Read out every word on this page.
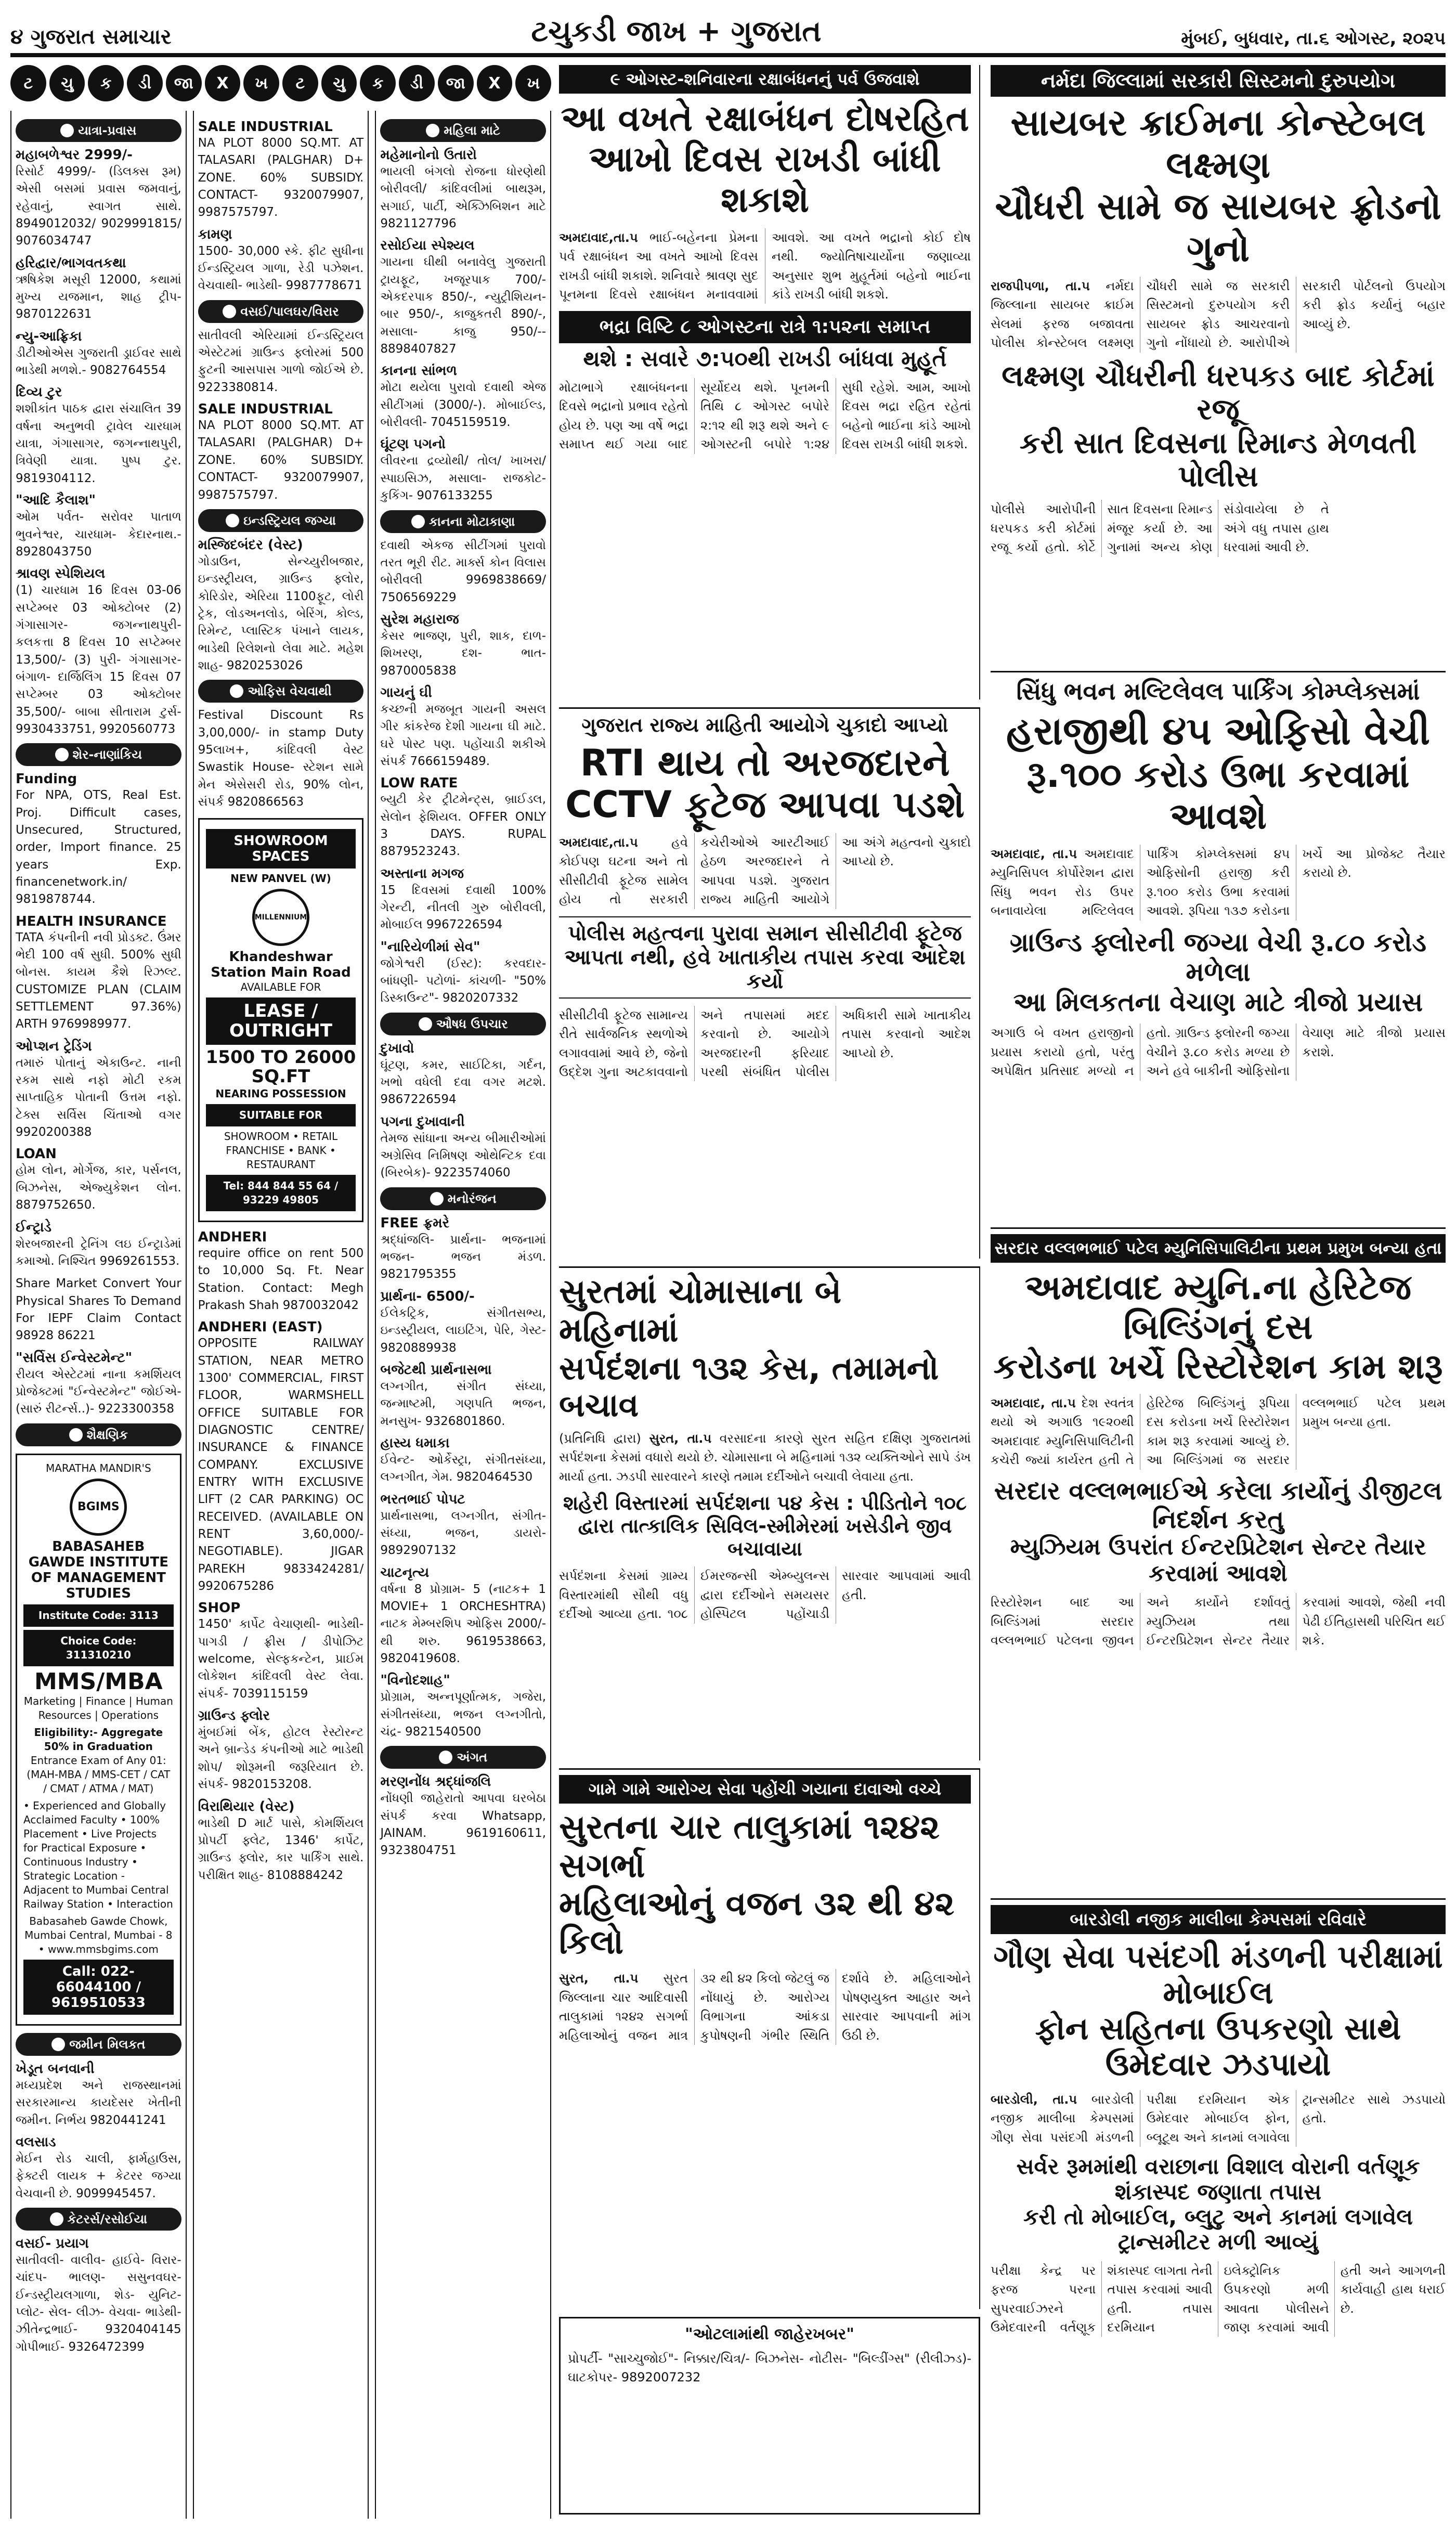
૪ ગુજરાત સમાચાર	ટચુકડી જાખ + ગુજરાત	મુંબઈ, બુધવાર, તા.૬ ઓગસ્ટ, ૨૦૨૫
ટ	ચુ	ક	ડી	જા	X	ખ	ટ	ચુ	ક	ડી	જા	X	ખ
યાત્રા-પ્રવાસ
મહાબળેશ્વર 2999/-
રિસોર્ટ 4999/- (ડિલક્સ રૂમ) એસી બસમાં પ્રવાસ જમવાનું, રહેવાનું, સ્વાગત સાથે. 8949012032/ 9029991815/ 9076034747
હરિદ્વાર/ભાગવતકથા
ઋષિકેશ મસૂરી 12000, કથામાં મુખ્ય યજમાન, શાહ ટ્રીપ- 9870122631
ન્યુ-આફ્રિકા
ડીટીઓએસ ગુજરાતી ડ્રાઈવર સાથે ભાડેથી મળશે.- 9082764554
દિવ્ય ટુર
શશીકાંત પાઠક દ્વારા સંચાલિત 39 વર્ષના અનુભવી ટ્રાવેલ ચારધામ યાત્રા, ગંગાસાગર, જગન્નાથપુરી, ત્રિવેણી યાત્રા. પુષ્પ ટુર. 9819304112.
"આદિ કૈલાશ"
ઓમ પર્વત- સરોવર પાતાળ ભુવનેશ્વર, ચારધામ- કેદારનાથ.- 8928043750
શ્રાવણ સ્પેશિયલ
(1) ચારધામ 16 દિવસ 03-06 સપ્ટેમ્બર 03 ઓક્ટોબર (2) ગંગાસાગર- જગન્નાથપુરી- કલકત્તા 8 દિવસ 10 સપ્ટેમ્બર 13,500/- (3) પુરી- ગંગાસાગર- બંગાળ- દાર્જિલિંગ 15 દિવસ 07 સપ્ટેમ્બર 03 ઓક્ટોબર 35,500/- બાબા સીતારામ ટુર્સ- 9930433751, 9920560773
શેર-નાણાંકિય
Funding
For NPA, OTS, Real Est. Proj. Difficult cases, Unsecured, Structured, order, Import finance. 25 years Exp. financenetwork.in/ 9819878744.
HEALTH INSURANCE
TATA કંપનીની નવી પ્રોડક્ટ. ઉંમર ભેદી 100 વર્ષ સુધી. 500% સુધી બોનસ. કાયમ કૈશે રિઝલ્ટ. CUSTOMIZE PLAN (CLAIM SETTLEMENT 97.36%) ARTH 9769989977.
ઓપ્શન ટ્રેડિંગ
તમારું પોતાનું એકાઉન્ટ. નાની રકમ સાથે નફો મોટી રકમ સાપ્તાહિક પોતાની ઉત્તમ નફો. ટેક્સ સર્વિસ ચિંતાઓ વગર 9920200388
LOAN
હોમ લોન, મોર્ગેજ, કાર, પર્સનલ, બિઝનેસ, એજ્યુકેશન લોન. 8879752650.
ઈન્ટ્રાડે
શેરબજારની ટ્રેનિંગ લઇ ઈન્ટ્રાડેમાં કમાઓ. નિશ્ચિત 9969261553.
Share Market Convert Your Physical Shares To Demand For IEPF Claim Contact 98928 86221
"સર્વિસ ઈન્વેસ્ટમેન્ટ"
રીયલ એસ્ટેટમાં નાના કમર્શિયલ પ્રોજેક્ટમાં "ઈન્વેસ્ટમેન્ટ" જોઈએ- (સારું રીટર્ન્સ..)- 9223300358
શૈક્ષણિક
MARATHA MANDIR'S
BGIMS
BABASAHEB GAWDE INSTITUTE OF MANAGEMENT STUDIES
Institute Code: 3113
Choice Code: 311310210
MMS/MBA
Marketing | Finance | Human Resources | Operations
Eligibility:- Aggregate 50% in Graduation
Entrance Exam of Any 01: (MAH-MBA / MMS-CET / CAT / CMAT / ATMA / MAT)
• Experienced and Globally Acclaimed Faculty • 100% Placement • Live Projects for Practical Exposure • Continuous Industry • Strategic Location - Adjacent to Mumbai Central Railway Station • Interaction
Babasaheb Gawde Chowk, Mumbai Central, Mumbai - 8 • www.mmsbgims.com
Call: 022-66044100 / 9619510533
જમીન મિલકત
ખેડૂત બનવાની
મધ્યપ્રદેશ અને રાજસ્થાનમાં સરકારમાન્ય કાયદેસર ખેતીની જમીન. નિર્ભય 9820441241
વલસાડ
મેઈન રોડ ચાલી, ફાર્મહાઉસ, ફેક્ટરી લાયક + કેટરર જગ્યા વેચવાની છે. 9099945457.
કેટરર્સ/રસોઈયા
વસઈ- પ્રયાગ
સાતીવલી- વાલીવ- હાઈવે- વિરાર- ચાંદપ- ભાલણ- સસુનવઘર- ઈન્ડસ્ટ્રીયલગાળા, શેડ- યુનિટ- પ્લોટ- સેલ- લીઝ- વેચવા- ભાડેથી- ઝીતેન્દ્રભાઈ- 9320404145 ગોપીભાઈ- 9326472399
SALE INDUSTRIAL
NA PLOT 8000 SQ.MT. AT TALASARI (PALGHAR) D+ ZONE. 60% SUBSIDY. CONTACT- 9320079907, 9987575797.
કામણ
1500- 30,000 સ્કે. ફીટ સુધીના ઈન્ડસ્ટ્રિયલ ગાળા, રેડી પઝેશન. વેચવાથી- ભાડેથી- 9987778671
વસઈ/પાલઘર/વિરાર
સાતીવલી એરિયામાં ઈન્ડસ્ટ્રિયલ એસ્ટેટમાં ગ્રાઉન્ડ ફ્લોરમાં 500 ફુટની આસપાસ ગાળો જોઈએ છે. 9223380814.
SALE INDUSTRIAL
NA PLOT 8000 SQ.MT. AT TALASARI (PALGHAR) D+ ZONE. 60% SUBSIDY. CONTACT- 9320079907, 9987575797.
ઇન્ડસ્ટ્રિયલ જગ્યા
મસ્જિદબંદર (વેસ્ટ)
ગોડાઉન, સેન્ચ્યુરીબજાર, ઇન્ડસ્ટ્રીયલ, ગ્રાઉન્ડ ફ્લોર, કોરિડોર, એરિયા 1100ફૂટ, લોરી ટ્રેક, લોડઅનલોડ, બેરિંગ, કોલ્ડ, રિમેન્ટ, પ્લાસ્ટિક પંખાને લાયક, ભાડેથી રિલેશનો લેવા માટે. મહેશ શાહ- 9820253026
ઓફિસ વેચવાથી
Festival Discount Rs 3,00,000/- in stamp Duty 95લાખ+, કાંદિવલી વેસ્ટ Swastik House- સ્ટેશન સામે મેન એસેસરી રોડ, 90% લોન, સંપર્ક 9820866563
SHOWROOM SPACES
NEW PANVEL (W)
MILLENNIUM
Khandeshwar Station Main Road
AVAILABLE FOR
LEASE / OUTRIGHT
1500 TO 26000 SQ.FT
NEARING POSSESSION
SUITABLE FOR
SHOWROOM • RETAIL FRANCHISE • BANK • RESTAURANT
Tel: 844 844 55 64 / 93229 49805
ANDHERI
require office on rent 500 to 10,000 Sq. Ft. Near Station. Contact: Megh Prakash Shah 9870032042
ANDHERI (EAST)
OPPOSITE RAILWAY STATION, NEAR METRO 1300' COMMERCIAL, FIRST FLOOR, WARMSHELL OFFICE SUITABLE FOR DIAGNOSTIC CENTRE/ INSURANCE & FINANCE COMPANY. EXCLUSIVE ENTRY WITH EXCLUSIVE LIFT (2 CAR PARKING) OC RECEIVED. (AVAILABLE ON RENT 3,60,000/- NEGOTIABLE). JIGAR PAREKH 9833424281/ 9920675286
SHOP
1450' કાર્પેટ વેચાણથી- ભાડેથી- પાગડી / ફ્રીસ / ડીપોઝિટ welcome, સેલ્ફકન્ટેન, પ્રાઈમ લોકેશન કાંદિવલી વેસ્ટ લેવા. સંપર્ક- 7039115159
ગ્રાઉન્ડ ફ્લોર
મુંબઈમાં બેંક, હોટલ રેસ્ટોરન્ટ અને બ્રાન્ડેડ કંપનીઓ માટે ભાડેથી શોપ/ શોરૂમની જરૂરિયાત છે. સંપર્ક- 9820153208.
વિરાથિયાર (વેસ્ટ)
ભાડેથી D માર્ટ પાસે, કોમર્શિયલ પ્રોપર્ટી ફ્લેટ, 1346' કાર્પેટ, ગ્રાઉન્ડ ફ્લોર, કાર પાર્કિંગ સાથે. પરીક્ષિત શાહ- 8108884242
મહિલા માટે
મહેમાનોનો ઉતારો
ભાયલી બંગલો રોજના ધોરણેથી બોરીવલી/ કાંદિવલીમાં બાથરૂમ, સગાઈ, પાર્ટી, એક્ઝિબિશન માટે 9821127796
રસોઈયા સ્પેશ્યલ
ગાયના ઘીથી બનાવેલુ ગુજરાતી ટ્રાયફૂટ, ખજૂરપાક 700/- એકદરપાક 850/-, ન્યુટ્રીશિયન- બાર 950/-, કાજુકતરી 890/-, મસાલા- કાજુ 950/-- 8898407827
કાનના સાંભળ
મોટા થયેલા પુરાવો દવાથી એજ સીટીંગમાં (3000/-). મોબાઈલ્ડ, બોરીવલી- 7045159519.
ઘૂંટણ પગનો
લીવરના દ્રવ્યોથી/ તોલ/ ખાખરા/ સ્પાઇસિઝ, મસાલા- રાજકોટ- કુકિંગ- 9076133255
કાનના મોટાકાણા
દવાથી એકજ સીટીંગમાં પુરાવો તરત ભૂરી રીટ. માર્ક્સ કોન વિલાસ બોરીવલી 9969838669/ 7506569229
સુરેશ મહારાજ
કેસર ભાજણ, પુરી, શાક, દાળ- શિખરણ, દશ- ભાત- 9870005838
ગાયનું ઘી
કચ્છની મજબૂત ગાયની અસલ ગીર કાંકરેજ દેશી ગાયના ઘી માટે. ઘરે પોસ્ટ પણ. પહોંચાડી શકીએ સંપર્ક 7666159489.
LOW RATE
બ્યુટી કેર ટ્રીટમેન્ટ્સ, બ્રાઈડલ, સેલોન ફેશિયલ. OFFER ONLY 3 DAYS. RUPAL 8879523243.
અસ્તાના મગજ
15 દિવસમાં દવાથી 100% ગેરન્ટી, નીતલી ગુરુ બોરીવલી, મોબાઈલ 9967226594
"નારિયેળીમાં સેવ"
જોગેશ્વરી (ઈસ્ટ): કરવદાર- બાંધણી- પટોળાં- કાંચળી- "50% ડિસ્કાઉન્ટ"- 9820207332
ઔષધ ઉપચાર
દુખાવો
ઘૂંટણ, કમર, સાઈટિકા, ગર્દન, ખભો વધેલી દવા વગર મટશે. 9867226594
પગના દુખાવાની
તેમજ સાંધાના અન્ય બીમારીઓમાં અગ્રેસિવ નિમિષણ ઓથેન્ટિક દવા (બિરબેક)- 9223574060
મનોરંજન
FREE ફ્રમરે
શ્રદ્ધાંજલિ- પ્રાર્થના- ભજનામાં ભજન- ભજન મંડળ. 9821795355
પ્રાર્થના- 6500/-
ઈલેકટ્રિક, સંગીતસભ્ય, ઇન્ડસ્ટ્રીયલ, લાઇટિંગ, પેરિ, ગેસ્ટ- 9820889938
બજેટથી પ્રાર્થનાસભા
લગ્નગીત, સંગીત સંધ્યા, જન્માષ્ટમી, ગણપતિ ભજન, મનસુખ- 9326801860.
હાસ્ય ધમાકા
ઈવેન્ટ- ઓર્કેસ્ટ્રા, સંગીતસંધ્યા, લગ્નગીત, ગેમ. 9820464530
ભરતભાઈ પોપટ
પ્રાર્થનાસભા, લગ્નગીત, સંગીત- સંધ્યા, ભજન, ડાયરો- 9892907132
ચાટનૃત્ય
વર્ષના 8 પ્રોગ્રામ- 5 (નાટક+ 1 MOVIE+ 1 ORCHESHTRA) નાટક મેમ્બરશિપ ઓફિસ 2000/- થી શરુ. 9619538663, 9820419608.
"વિનોદશાહ"
પ્રોગ્રામ, અન્નપૂર્ણાત્મક, ગજેરા, સંગીતસંધ્યા, ભજન લગ્નગીતો, ચંદ્ર- 9821540500
અંગત
મરણનોંધ શ્રદ્ધાંજલિ
નોંધણી જાહેરાતો આપવા ઘરબેઠા સંપર્ક કરવા Whatsapp, JAINAM. 9619160611, 9323804751
૯ ઓગસ્ટ-શનિવારના રક્ષાબંધનનું પર્વ ઉજવાશે
આ વખતે રક્ષાબંધન દોષરહિત
આખો દિવસ રાખડી બાંધી શકાશે
અમદાવાદ,તા.૫ ભાઈ-બહેનના પ્રેમના પર્વ રક્ષાબંધન આ વખતે આખો દિવસ રાખડી બાંધી શકાશે. શનિવારે શ્રાવણ સુદ પૂનમના દિવસે રક્ષાબંધન મનાવવામાં આવશે. આ વખતે ભદ્રાનો કોઈ દોષ નથી. જ્યોતિષાચાર્યોના જણાવ્યા અનુસાર શુભ મુહૂર્તમાં બહેનો ભાઈના કાંડે રાખડી બાંધી શકશે.
ભદ્રા વિષ્ટિ ૮ ઓગસ્ટના રાત્રે ૧:૫૨ના સમાપ્ત
થશે : સવારે ૭:૫૦થી રાખડી બાંધવા મુહૂર્ત
મોટાભાગે રક્ષાબંધનના દિવસે ભદ્રાનો પ્રભાવ રહેતો હોય છે. પણ આ વર્ષે ભદ્રા સમાપ્ત થઈ ગયા બાદ સૂર્યોદય થશે. પૂનમની તિથિ ૮ ઓગસ્ટ બપોરે ૨:૧૨ થી શરૂ થશે અને ૯ ઓગસ્ટની બપોરે ૧:૨૪ સુધી રહેશે. આમ, આખો દિવસ ભદ્રા રહિત રહેતાં બહેનો ભાઈના કાંડે આખો દિવસ રાખડી બાંધી શકશે.
ગુજરાત રાજ્ય માહિતી આયોગે ચુકાદો આપ્યો
RTI થાય તો અરજદારને
CCTV ફૂટેજ આપવા પડશે
અમદાવાદ,તા.૫	હવે કોઈપણ ઘટના અને તો સીસીટીવી ફૂટેજ સામેલ હોય તો સરકારી કચેરીઓએ આરટીઆઈ હેઠળ અરજદારને તે આપવા પડશે. ગુજરાત રાજ્ય માહિતી આયોગે આ અંગે મહત્વનો ચુકાદો આપ્યો છે.
પોલીસ મહત્વના પુરાવા સમાન સીસીટીવી ફૂટેજ આપતા નથી, હવે ખાતાકીય તપાસ કરવા આદેશ કર્યો
સીસીટીવી ફૂટેજ સામાન્ય રીતે સાર્વજનિક સ્થળોએ લગાવવામાં આવે છે, જેનો ઉદ્દેશ ગુના અટકાવવાનો અને તપાસમાં મદદ કરવાનો છે. આયોગે અરજદારની ફરિયાદ પરથી સંબંધિત પોલીસ અધિકારી સામે ખાતાકીય તપાસ કરવાનો આદેશ આપ્યો છે.
સુરતમાં ચોમાસાના બે મહિનામાં
સર્પદંશના ૧૩૨ કેસ, તમામનો બચાવ
(પ્રતિનિધિ દ્વારા) સુરત, તા.૫ વરસાદના કારણે સુરત સહિત દક્ષિણ ગુજરાતમાં સર્પદંશના કેસમાં વધારો થયો છે. ચોમાસાના બે મહિનામાં ૧૩૨ વ્યક્તિઓને સાપે ડંખ માર્યા હતા. ઝડપી સારવારને કારણે તમામ દર્દીઓને બચાવી લેવાયા હતા.
શહેરી વિસ્તારમાં સર્પદંશના ૫૪ કેસ : પીડિતોને ૧૦૮ દ્વારા તાત્કાલિક સિવિલ-સ્મીમેરમાં ખસેડીને જીવ બચાવાયા
સર્પદંશના કેસમાં ગ્રામ્ય વિસ્તારમાંથી સૌથી વધુ દર્દીઓ આવ્યા હતા. ૧૦૮ ઈમરજન્સી એમ્બ્યુલન્સ દ્વારા દર્દીઓને સમયસર હોસ્પિટલ પહોંચાડી સારવાર આપવામાં આવી હતી.
ગામે ગામે આરોગ્ય સેવા પહોંચી ગયાના દાવાઓ વચ્ચે
સુરતના ચાર તાલુકામાં ૧૨૪૨ સગર્ભા
મહિલાઓનું વજન ૩૨ થી ૪૨ કિલો
સુરત, તા.૫ સુરત જિલ્લાના ચાર આદિવાસી તાલુકામાં ૧૨૪૨ સગર્ભા મહિલાઓનું વજન માત્ર ૩૨ થી ૪૨ કિલો જેટલું જ નોંધાયું છે. આરોગ્ય વિભાગના આંકડા કુપોષણની ગંભીર સ્થિતિ દર્શાવે છે. મહિલાઓને પોષણયુક્ત આહાર અને સારવાર આપવાની માંગ ઉઠી છે.
"ઓટલામાંથી જાહેરખબર"
પ્રોપર્ટી- "સાચ્ચુજોઈ"- નિક્કાર/ચિત્ર/- બિઝનેસ- નોટીસ- "બિલ્ડીંગ્સ" (રીલીઝ્ડ)- ઘાટકોપર- 9892007232
નર્મદા જિલ્લામાં સરકારી સિસ્ટમનો દુરુપયોગ
સાયબર ક્રાઈમના કોન્સ્ટેબલ લક્ષ્મણ
ચૌધરી સામે જ સાયબર ફ્રોડનો ગુનો
રાજપીપળા, તા.૫ નર્મદા જિલ્લાના સાયબર ક્રાઈમ સેલમાં ફરજ બજાવતા પોલીસ કોન્સ્ટેબલ લક્ષ્મણ ચૌધરી સામે જ સરકારી સિસ્ટમનો દુરુપયોગ કરી સાયબર ફ્રોડ આચરવાનો ગુનો નોંધાયો છે. આરોપીએ સરકારી પોર્ટલનો ઉપયોગ કરી ફ્રોડ કર્યાનું બહાર આવ્યું છે.
લક્ષ્મણ ચૌધરીની ધરપકડ બાદ કોર્ટમાં રજૂ
કરી સાત દિવસના રિમાન્ડ મેળવતી પોલીસ
પોલીસે આરોપીની ધરપકડ કરી કોર્ટમાં રજૂ કર્યો હતો. કોર્ટે સાત દિવસના રિમાન્ડ મંજૂર કર્યા છે. આ ગુનામાં અન્ય કોણ સંડોવાયેલા છે તે અંગે વધુ તપાસ હાથ ધરવામાં આવી છે.
સિંધુ ભવન મલ્ટિલેવલ પાર્કિંગ કોમ્પ્લેક્સમાં
હરાજીથી ૪૫ ઓફિસો વેચી
રૂ.૧૦૦ કરોડ ઉભા કરવામાં આવશે
અમદાવાદ, તા.૫ અમદાવાદ મ્યુનિસિપલ કોર્પોરેશન દ્વારા સિંધુ ભવન રોડ ઉપર બનાવાયેલા મલ્ટિલેવલ પાર્કિંગ કોમ્પ્લેક્સમાં ૪૫ ઓફિસોની હરાજી કરી રૂ.૧૦૦ કરોડ ઉભા કરવામાં આવશે. રૂપિયા ૧૩૭ કરોડના ખર્ચે આ પ્રોજેક્ટ તૈયાર કરાયો છે.
ગ્રાઉન્ડ ફ્લોરની જગ્યા વેચી રૂ.૮૦ કરોડ મળેલા
આ મિલકતના વેચાણ માટે ત્રીજો પ્રયાસ
અગાઉ બે વખત હરાજીનો પ્રયાસ કરાયો હતો, પરંતુ અપેક્ષિત પ્રતિસાદ મળ્યો ન હતો. ગ્રાઉન્ડ ફ્લોરની જગ્યા વેચીને રૂ.૮૦ કરોડ મળ્યા છે અને હવે બાકીની ઓફિસોના વેચાણ માટે ત્રીજો પ્રયાસ કરાશે.
સરદાર વલ્લભભાઈ પટેલ મ્યુનિસિપાલિટીના પ્રથમ પ્રમુખ બન્યા હતા
અમદાવાદ મ્યુનિ.ના હેરિટેજ બિલ્ડિંગનું દસ
કરોડના ખર્ચે રિસ્ટોરેશન કામ શરૂ
અમદાવાદ, તા.૫ દેશ સ્વતંત્ર થયો એ અગાઉ ૧૯૨૦થી અમદાવાદ મ્યુનિસિપાલિટીની કચેરી જ્યાં કાર્યરત હતી તે હેરિટેજ બિલ્ડિંગનું રૂપિયા દસ કરોડના ખર્ચે રિસ્ટોરેશન કામ શરૂ કરવામાં આવ્યું છે. આ બિલ્ડિંગમાં જ સરદાર વલ્લભભાઈ પટેલ પ્રથમ પ્રમુખ બન્યા હતા.
સરદાર વલ્લભભાઈએ કરેલા કાર્યોનું ડીજીટલ નિદર્શન કરતુ
મ્યુઝિયમ ઉપરાંત ઈન્ટરપ્રિટેશન સેન્ટર તૈયાર કરવામાં આવશે
રિસ્ટોરેશન બાદ આ બિલ્ડિંગમાં સરદાર વલ્લભભાઈ પટેલના જીવન અને કાર્યોને દર્શાવતું મ્યુઝિયમ તથા ઈન્ટરપ્રિટેશન સેન્ટર તૈયાર કરવામાં આવશે, જેથી નવી પેઢી ઈતિહાસથી પરિચિત થઈ શકે.
બારડોલી નજીક માલીબા કેમ્પસમાં રવિવારે
ગૌણ સેવા પસંદગી મંડળની પરીક્ષામાં મોબાઈલ
ફોન સહિતના ઉપકરણો સાથે ઉમેદવાર ઝડપાયો
બારડોલી, તા.૫ બારડોલી નજીક માલીબા કેમ્પસમાં ગૌણ સેવા પસંદગી મંડળની પરીક્ષા દરમિયાન એક ઉમેદવાર મોબાઈલ ફોન, બ્લૂટૂથ અને કાનમાં લગાવેલા ટ્રાન્સમીટર સાથે ઝડપાયો હતો.
સર્વર રૂમમાંથી વરાછાના વિશાલ વોરાની વર્તણૂક શંકાસ્પદ જણાતા તપાસ
કરી તો મોબાઈલ, બ્લુટુ અને કાનમાં લગાવેલ ટ્રાન્સમીટર મળી આવ્યું
પરીક્ષા કેન્દ્ર પર ફરજ પરના સુપરવાઈઝરને ઉમેદવારની વર્તણૂક શંકાસ્પદ લાગતા તેની તપાસ કરવામાં આવી હતી. તપાસ દરમિયાન ઇલેક્ટ્રોનિક ઉપકરણો મળી આવતા પોલીસને જાણ કરવામાં આવી હતી અને આગળની કાર્યવાહી હાથ ધરાઈ છે.
